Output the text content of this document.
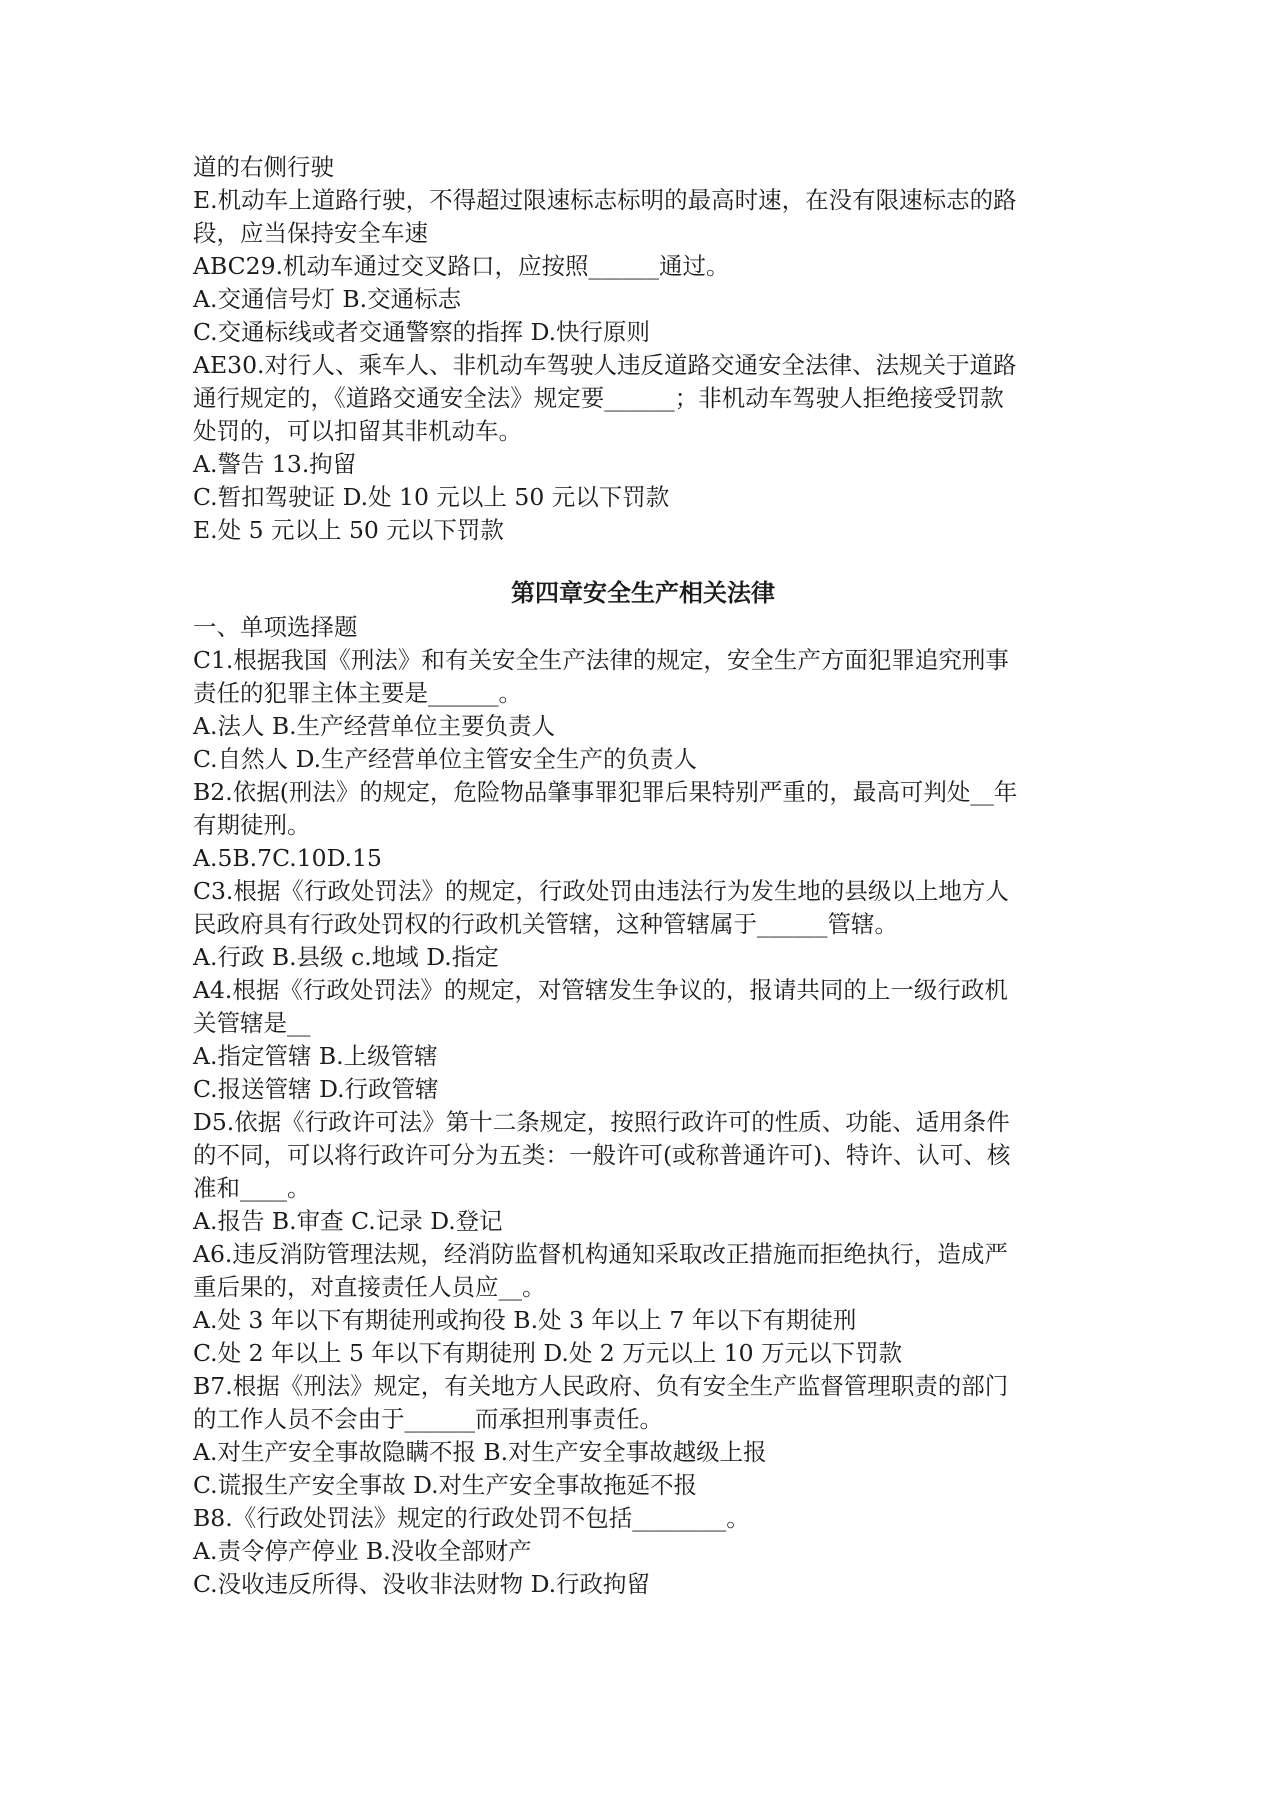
道的右侧行驶
E.机动车上道路行驶，不得超过限速标志标明的最高时速，在没有限速标志的路
段，应当保持安全车速
ABC29.机动车通过交叉路口，应按照______通过。
A.交通信号灯 B.交通标志
C.交通标线或者交通警察的指挥 D.快行原则
AE30.对行人、乘车人、非机动车驾驶人违反道路交通安全法律、法规关于道路
通行规定的，《道路交通安全法》规定要______；非机动车驾驶人拒绝接受罚款
处罚的，可以扣留其非机动车。
A.警告 13.拘留
C.暂扣驾驶证 D.处 10 元以上 50 元以下罚款
E.处 5 元以上 50 元以下罚款
第四章安全生产相关法律
一、单项选择题
C1.根据我国《刑法》和有关安全生产法律的规定，安全生产方面犯罪追究刑事
责任的犯罪主体主要是______。
A.法人 B.生产经营单位主要负责人
C.自然人 D.生产经营单位主管安全生产的负责人
B2.依据(刑法》的规定，危险物品肇事罪犯罪后果特别严重的，最高可判处__年
有期徒刑。
A.5B.7C.10D.15
C3.根据《行政处罚法》的规定，行政处罚由违法行为发生地的县级以上地方人
民政府具有行政处罚权的行政机关管辖，这种管辖属于______管辖。
A.行政 B.县级 c.地域 D.指定
A4.根据《行政处罚法》的规定，对管辖发生争议的，报请共同的上一级行政机
关管辖是__
A.指定管辖 B.上级管辖
C.报送管辖 D.行政管辖
D5.依据《行政许可法》第十二条规定，按照行政许可的性质、功能、适用条件
的不同，可以将行政许可分为五类：一般许可(或称普通许可)、特许、认可、核
准和____。
A.报告 B.审查 C.记录 D.登记
A6.违反消防管理法规，经消防监督机构通知采取改正措施而拒绝执行，造成严
重后果的，对直接责任人员应__。
A.处 3 年以下有期徒刑或拘役 B.处 3 年以上 7 年以下有期徒刑
C.处 2 年以上 5 年以下有期徒刑 D.处 2 万元以上 10 万元以下罚款
B7.根据《刑法》规定，有关地方人民政府、负有安全生产监督管理职责的部门
的工作人员不会由于______而承担刑事责任。
A.对生产安全事故隐瞒不报 B.对生产安全事故越级上报
C.谎报生产安全事故 D.对生产安全事故拖延不报
B8.《行政处罚法》规定的行政处罚不包括________。
A.责令停产停业 B.没收全部财产
C.没收违反所得、没收非法财物 D.行政拘留
